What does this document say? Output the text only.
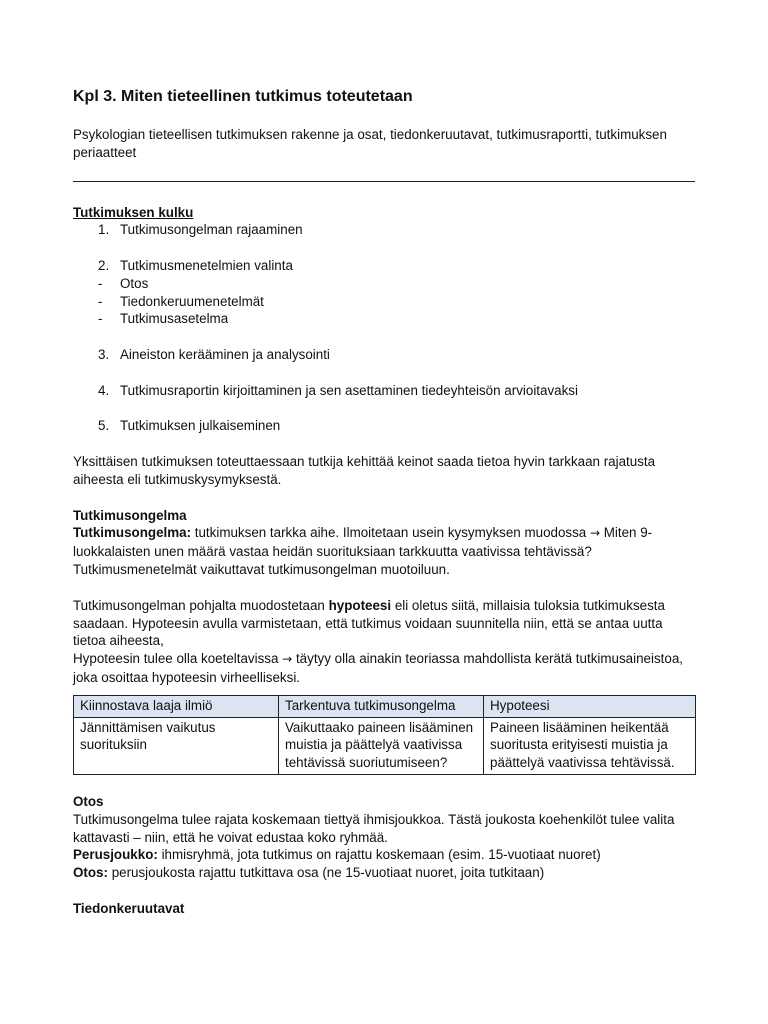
Kpl 3. Miten tieteellinen tutkimus toteutetaan
Psykologian tieteellisen tutkimuksen rakenne ja osat, tiedonkeruutavat, tutkimusraportti, tutkimuksen periaatteet
Tutkimuksen kulku
1. Tutkimusongelman rajaaminen
2. Tutkimusmenetelmien valinta
-	Otos
-	Tiedonkeruumenetelmät
-	Tutkimusasetelma
3. Aineiston kerääminen ja analysointi
4. Tutkimusraportin kirjoittaminen ja sen asettaminen tiedeyhteisön arvioitavaksi
5. Tutkimuksen julkaiseminen

Yksittäisen tutkimuksen toteuttaessaan tutkija kehittää keinot saada tietoa hyvin tarkkaan rajatusta aiheesta eli tutkimuskysymyksestä.

Tutkimusongelma
Tutkimusongelma: tutkimuksen tarkka aihe. Ilmoitetaan usein kysymyksen muodossa → Miten 9-luokkalaisten unen määrä vastaa heidän suorituksiaan tarkkuutta vaativissa tehtävissä?
Tutkimusmenetelmät vaikuttavat tutkimusongelman muotoiluun.
Tutkimusongelman pohjalta muodostetaan hypoteesi eli oletus siitä, millaisia tuloksia tutkimuksesta saadaan. Hypoteesin avulla varmistetaan, että tutkimus voidaan suunnitella niin, että se antaa uutta tietoa aiheesta,
Hypoteesin tulee olla koeteltavissa → täytyy olla ainakin teoriassa mahdollista kerätä tutkimusaineistoa, joka osoittaa hypoteesin virheelliseksi.
Kiinnostava laaja ilmiö	Tarkentuva tutkimusongelma	Hypoteesi
Jännittämisen vaikutus suorituksiin	Vaikuttaako paineen lisääminen muistia ja päättelyä vaativissa tehtävissä suoriutumiseen?	Paineen lisääminen heikentää suoritusta erityisesti muistia ja päättelyä vaativissa tehtävissä.
Otos
Tutkimusongelma tulee rajata koskemaan tiettyä ihmisjoukkoa. Tästä joukosta koehenkilöt tulee valita kattavasti – niin, että he voivat edustaa koko ryhmää.
Perusjoukko: ihmisryhmä, jota tutkimus on rajattu koskemaan (esim. 15-vuotiaat nuoret)
Otos: perusjoukosta rajattu tutkittava osa (ne 15-vuotiaat nuoret, joita tutkitaan)
Tiedonkeruutavat
